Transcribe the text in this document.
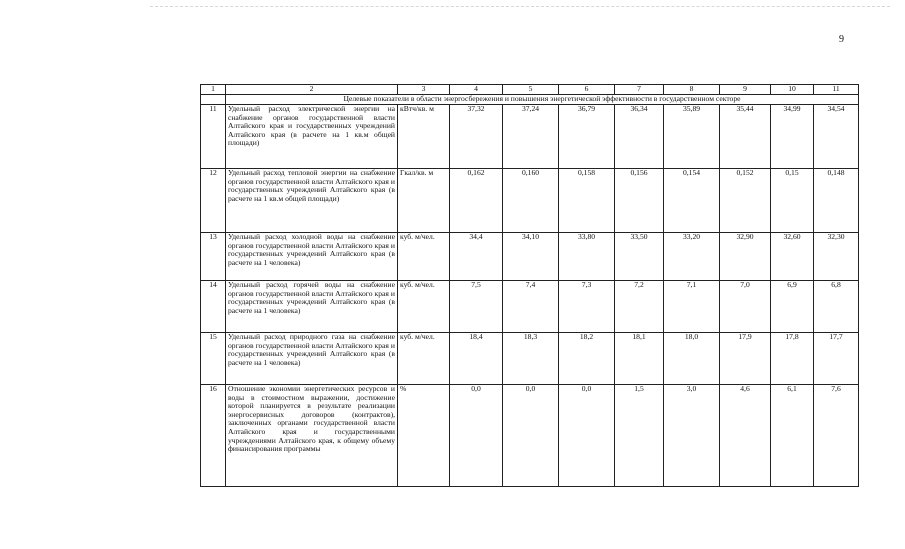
9
1	2	3	4	5	6	7	8	9	10	11
	Целевые показатели в области энергосбережения и повышения энергетической эффективности в государственном секторе									
11	Удельный расход электрической энергии на снабжение органов государственной власти Алтайского края и государственных учреждений Алтайского края (в расчете на 1 кв.м общей площади)	кВтч/кв. м	37,32	37,24	36,79	36,34	35,89	35,44	34,99	34,54
12	Удельный расход тепловой энергии на снабжение органов государственной власти Алтайского края и государственных учреждений Алтайского края (в расчете на 1 кв.м общей площади)	Гкал/кв. м	0,162	0,160	0,158	0,156	0,154	0,152	0,15	0,148
13	Удельный расход холодной воды на снабжение органов государственной власти Алтайского края и государственных учреждений Алтайского края (в расчете на 1 человека)	куб. м/чел.	34,4	34,10	33,80	33,50	33,20	32,90	32,60	32,30
14	Удельный расход горячей воды на снабжение органов государственной власти Алтайского края и государственных учреждений Алтайского края (в расчете на 1 человека)	куб. м/чел.	7,5	7,4	7,3	7,2	7,1	7,0	6,9	6,8
15	Удельный расход природного газа на снабжение органов государственной власти Алтайского края и государственных учреждений Алтайского края (в расчете на 1 человека)	куб. м/чел.	18,4	18,3	18,2	18,1	18,0	17,9	17,8	17,7
16	Отношение экономии энергетических ресурсов и воды в стоимостном выражении, достижение которой планируется в результате реализации энергосервисных договоров (контрактов), заключенных органами государственной власти Алтайского края и государственными учреждениями Алтайского края, к общему объему финансирования программы	%	0,0	0,0	0,0	1,5	3,0	4,6	6,1	7,6
